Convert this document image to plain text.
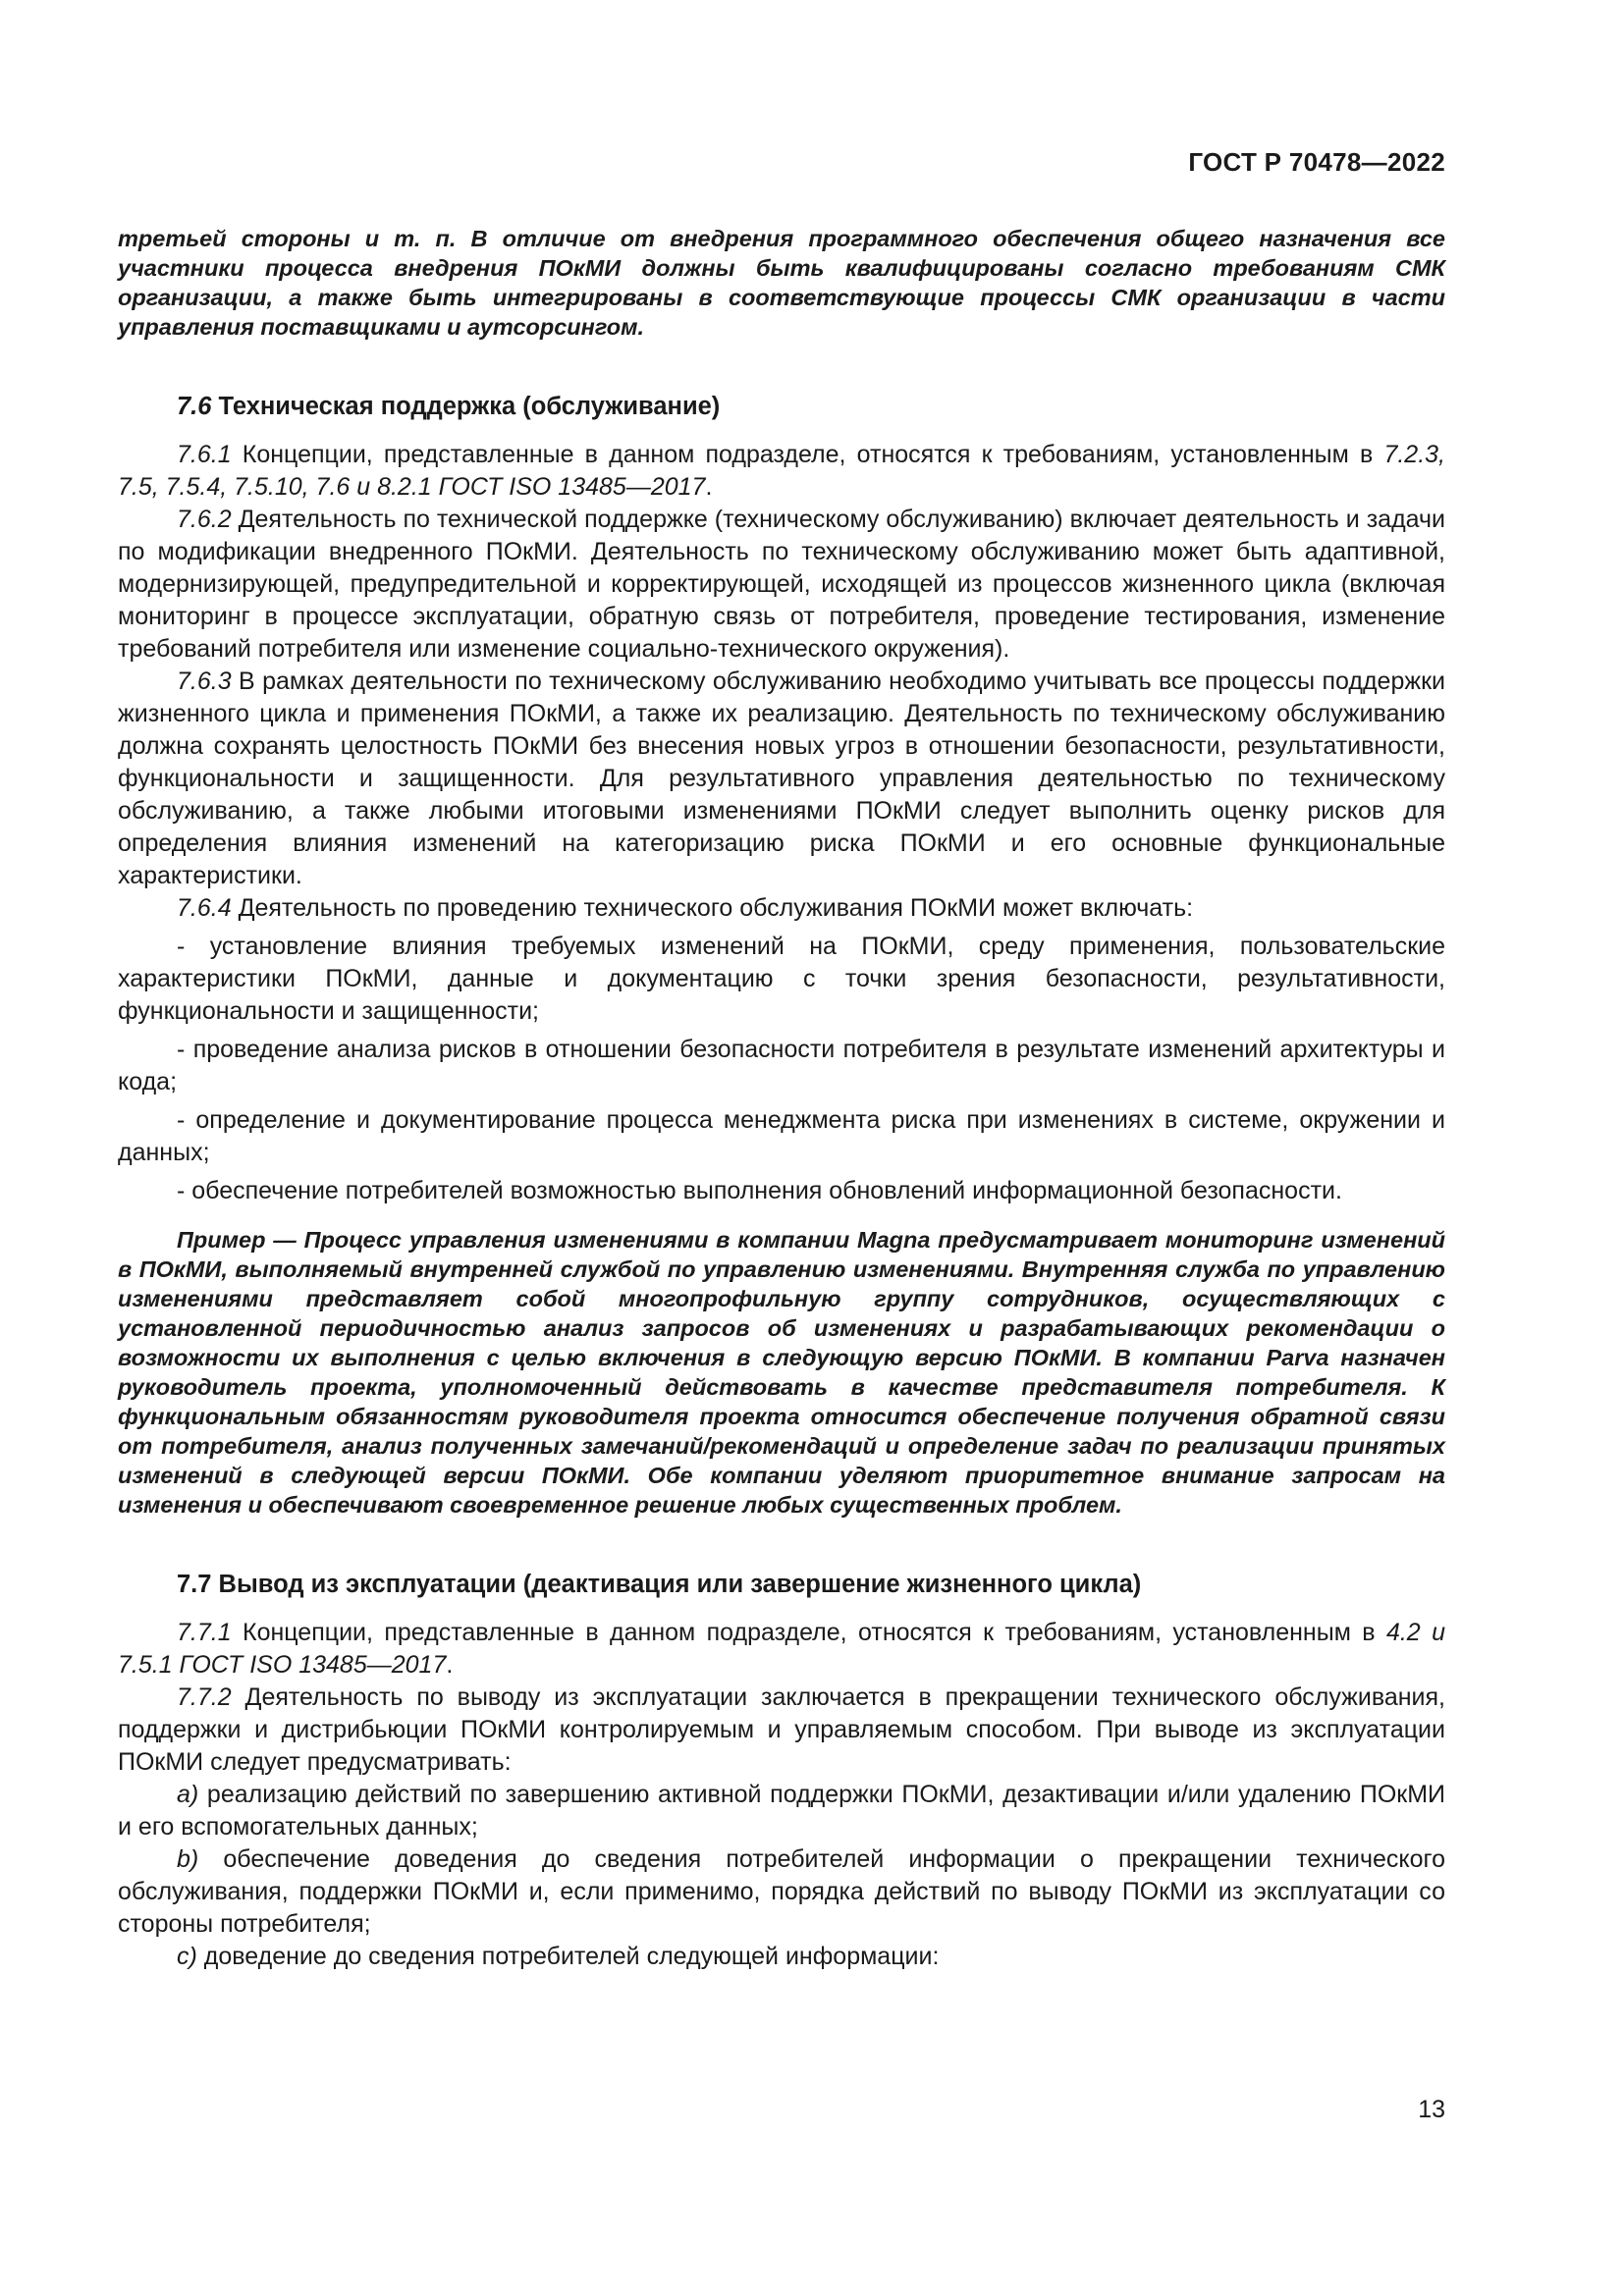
ГОСТ Р 70478—2022

третьей стороны и т. п. В отличие от внедрения программного обеспечения общего назначения все участники процесса внедрения ПОкМИ должны быть квалифицированы согласно требованиям СМК организации, а также быть интегрированы в соответствующие процессы СМК организации в части управления поставщиками и аутсорсингом.

7.6 Техническая поддержка (обслуживание)

7.6.1 Концепции, представленные в данном подразделе, относятся к требованиям, установленным в 7.2.3, 7.5, 7.5.4, 7.5.10, 7.6 и 8.2.1 ГОСТ ISO 13485—2017.

7.6.2 Деятельность по технической поддержке (техническому обслуживанию) включает деятельность и задачи по модификации внедренного ПОкМИ. Деятельность по техническому обслуживанию может быть адаптивной, модернизирующей, предупредительной и корректирующей, исходящей из процессов жизненного цикла (включая мониторинг в процессе эксплуатации, обратную связь от потребителя, проведение тестирования, изменение требований потребителя или изменение социально-технического окружения).

7.6.3 В рамках деятельности по техническому обслуживанию необходимо учитывать все процессы поддержки жизненного цикла и применения ПОкМИ, а также их реализацию. Деятельность по техническому обслуживанию должна сохранять целостность ПОкМИ без внесения новых угроз в отношении безопасности, результативности, функциональности и защищенности. Для результативного управления деятельностью по техническому обслуживанию, а также любыми итоговыми изменениями ПОкМИ следует выполнить оценку рисков для определения влияния изменений на категоризацию риска ПОкМИ и его основные функциональные характеристики.

7.6.4 Деятельность по проведению технического обслуживания ПОкМИ может включать:

- установление влияния требуемых изменений на ПОкМИ, среду применения, пользовательские характеристики ПОкМИ, данные и документацию с точки зрения безопасности, результативности, функциональности и защищенности;

- проведение анализа рисков в отношении безопасности потребителя в результате изменений архитектуры и кода;

- определение и документирование процесса менеджмента риска при изменениях в системе, окружении и данных;

- обеспечение потребителей возможностью выполнения обновлений информационной безопасности.

Пример — Процесс управления изменениями в компании Magna предусматривает мониторинг изменений в ПОкМИ, выполняемый внутренней службой по управлению изменениями. Внутренняя служба по управлению изменениями представляет собой многопрофильную группу сотрудников, осуществляющих с установленной периодичностью анализ запросов об изменениях и разрабатывающих рекомендации о возможности их выполнения с целью включения в следующую версию ПОкМИ. В компании Parva назначен руководитель проекта, уполномоченный действовать в качестве представителя потребителя. К функциональным обязанностям руководителя проекта относится обеспечение получения обратной связи от потребителя, анализ полученных замечаний/рекомендаций и определение задач по реализации принятых изменений в следующей версии ПОкМИ. Обе компании уделяют приоритетное внимание запросам на изменения и обеспечивают своевременное решение любых существенных проблем.

7.7 Вывод из эксплуатации (деактивация или завершение жизненного цикла)

7.7.1 Концепции, представленные в данном подразделе, относятся к требованиям, установленным в 4.2 и 7.5.1 ГОСТ ISO 13485—2017.

7.7.2 Деятельность по выводу из эксплуатации заключается в прекращении технического обслуживания, поддержки и дистрибьюции ПОкМИ контролируемым и управляемым способом. При выводе из эксплуатации ПОкМИ следует предусматривать:

a) реализацию действий по завершению активной поддержки ПОкМИ, дезактивации и/или удалению ПОкМИ и его вспомогательных данных;

b) обеспечение доведения до сведения потребителей информации о прекращении технического обслуживания, поддержки ПОкМИ и, если применимо, порядка действий по выводу ПОкМИ из эксплуатации со стороны потребителя;

c) доведение до сведения потребителей следующей информации:

13
